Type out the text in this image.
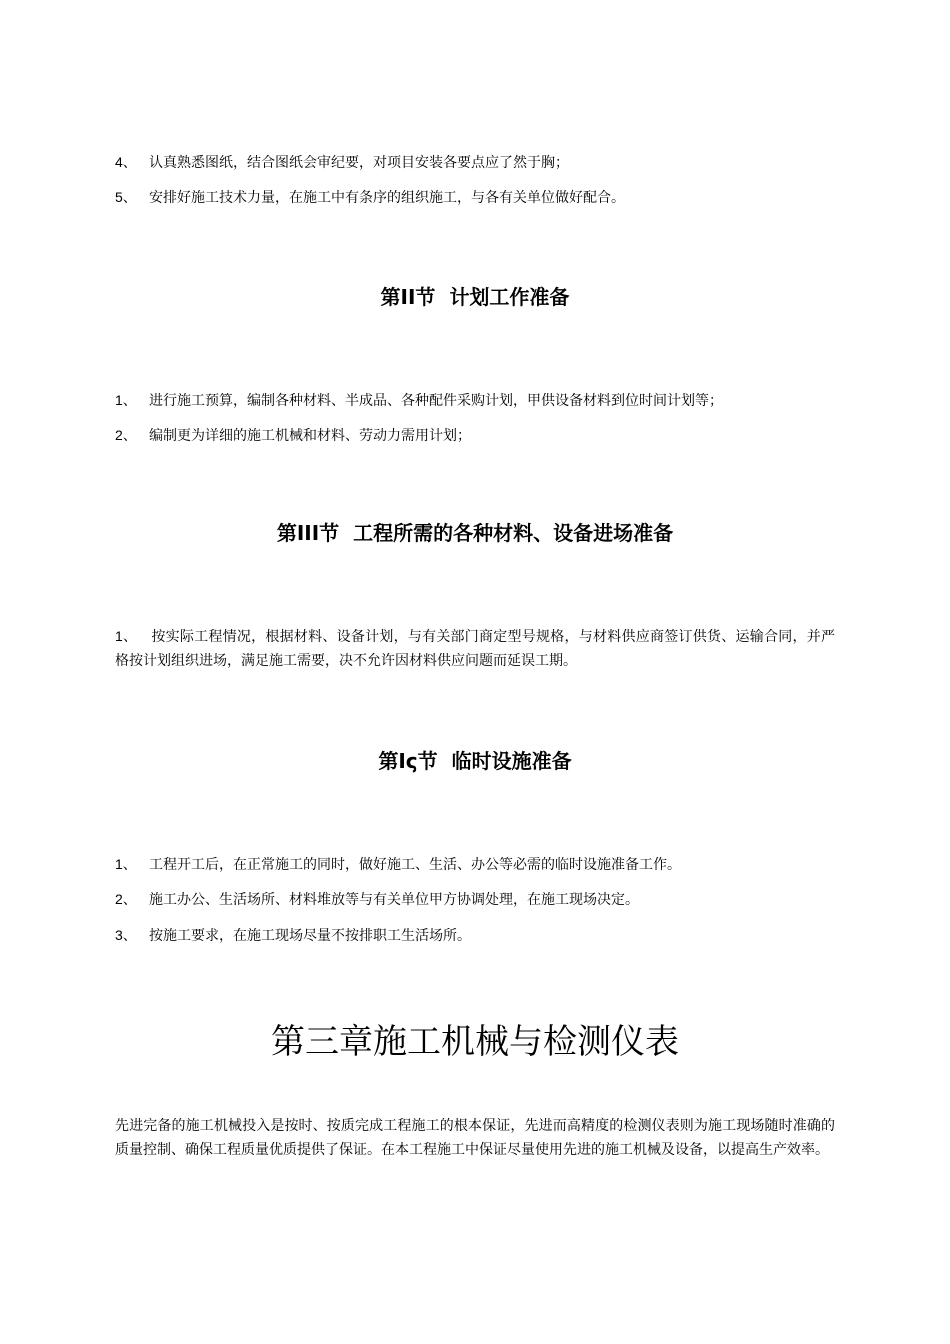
4、 认真熟悉图纸，结合图纸会审纪要，对项目安装各要点应了然于胸；
5、 安排好施工技术力量，在施工中有条序的组织施工，与各有关单位做好配合。
第II节 计划工作准备
1、 进行施工预算，编制各种材料、半成品、各种配件采购计划，甲供设备材料到位时间计划等；
2、 编制更为详细的施工机械和材料、劳动力需用计划；
第III节 工程所需的各种材料、设备进场准备
1、 按实际工程情况，根据材料、设备计划，与有关部门商定型号规格，与材料供应商签订供货、运输合同，并严格按计划组织进场，满足施工需要，决不允许因材料供应问题而延误工期。
第Iς节 临时设施准备
1、 工程开工后，在正常施工的同时，做好施工、生活、办公等必需的临时设施准备工作。
2、 施工办公、生活场所、材料堆放等与有关单位甲方协调处理，在施工现场决定。
3、 按施工要求，在施工现场尽量不按排职工生活场所。
第三章施工机械与检测仪表
先进完备的施工机械投入是按时、按质完成工程施工的根本保证，先进而高精度的检测仪表则为施工现场随时准确的质量控制、确保工程质量优质提供了保证。在本工程施工中保证尽量使用先进的施工机械及设备，以提高生产效率。
